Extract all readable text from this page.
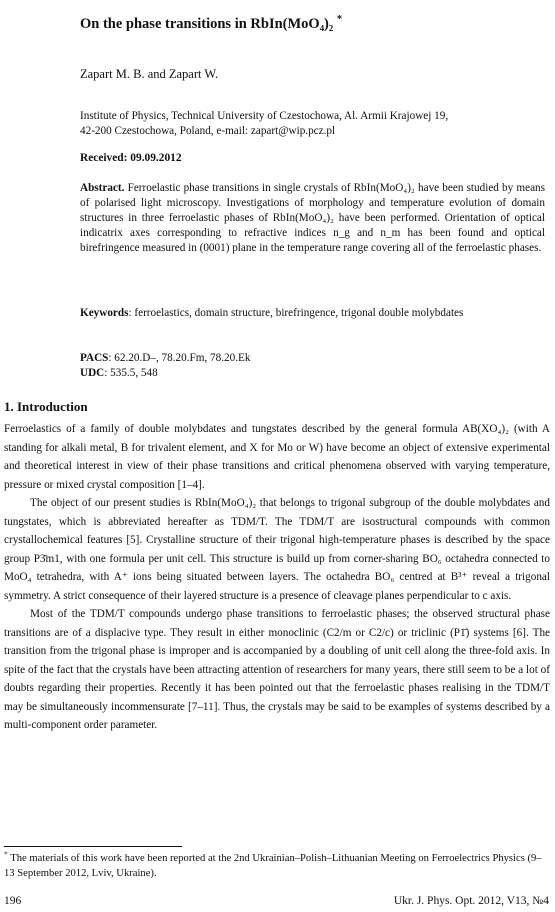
On the phase transitions in RbIn(MoO₄)₂ *
Zapart M. B. and Zapart W.
Institute of Physics, Technical University of Czestochowa, Al. Armii Krajowej 19,
42-200 Czestochowa, Poland, e-mail: zapart@wip.pcz.pl
Received: 09.09.2012
Abstract. Ferroelastic phase transitions in single crystals of RbIn(MoO₄)₂ have been studied by means of polarised light microscopy. Investigations of morphology and temperature evolution of domain structures in three ferroelastic phases of RbIn(MoO₄)₂ have been performed. Orientation of optical indicatrix axes corresponding to refractive indices n_g and n_m has been found and optical birefringence measured in (0001) plane in the temperature range covering all of the ferroelastic phases.
Keywords: ferroelastics, domain structure, birefringence, trigonal double molybdates
PACS: 62.20.D–, 78.20.Fm, 78.20.Ek
UDC: 535.5, 548
1. Introduction

Ferroelastics of a family of double molybdates and tungstates described by the general formula AB(XO₄)₂ (with A standing for alkali metal, B for trivalent element, and X for Mo or W) have become an object of extensive experimental and theoretical interest in view of their phase transitions and critical phenomena observed with varying temperature, pressure or mixed crystal composition [1–4].

The object of our present studies is RbIn(MoO₄)₂ that belongs to trigonal subgroup of the double molybdates and tungstates, which is abbreviated hereafter as TDM/T. The TDM/T are isostructural compounds with common crystallochemical features [5]. Crystalline structure of their trigonal high-temperature phases is described by the space group P3̄m1, with one formula per unit cell. This structure is build up from corner-sharing BO₆ octahedra connected to MoO₄ tetrahedra, with A⁺ ions being situated between layers. The octahedra BO₆ centred at B³⁺ reveal a trigonal symmetry. A strict consequence of their layered structure is a presence of cleavage planes perpendicular to c axis.

Most of the TDM/T compounds undergo phase transitions to ferroelastic phases; the observed structural phase transitions are of a displacive type. They result in either monoclinic (C2/m or C2/c) or triclinic (P1̄) systems [6]. The transition from the trigonal phase is improper and is accompanied by a doubling of unit cell along the three-fold axis. In spite of the fact that the crystals have been attracting attention of researchers for many years, there still seem to be a lot of doubts regarding their properties. Recently it has been pointed out that the ferroelastic phases realising in the TDM/T may be simultaneously incommensurate [7–11]. Thus, the crystals may be said to be examples of systems described by a multi-component order parameter.

* The materials of this work have been reported at the 2nd Ukrainian–Polish–Lithuanian Meeting on Ferroelectrics Physics (9–13 September 2012, Lviv, Ukraine).
196	Ukr. J. Phys. Opt. 2012, V13, №4
